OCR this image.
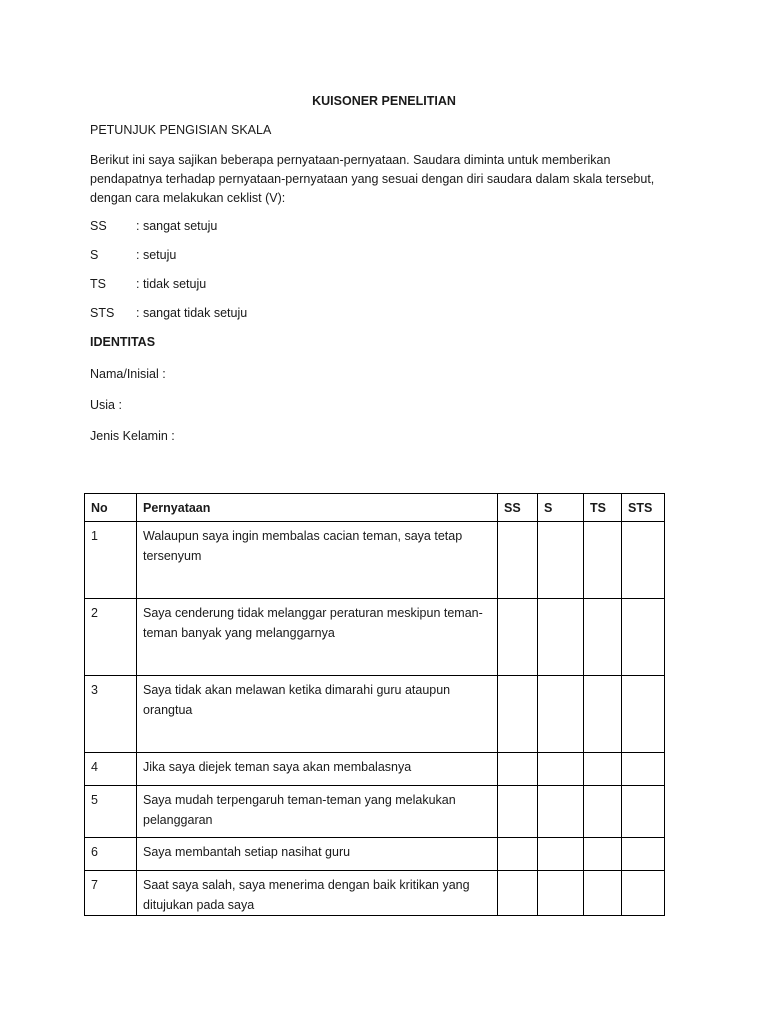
KUISONER PENELITIAN
PETUNJUK PENGISIAN SKALA
Berikut ini saya sajikan beberapa pernyataan-pernyataan. Saudara diminta untuk memberikan
pendapatnya terhadap pernyataan-pernyataan yang sesuai dengan diri saudara dalam skala tersebut,
dengan cara melakukan ceklist (V):
SS : sangat setuju
S	: setuju
TS : tidak setuju
STS : sangat tidak setuju
IDENTITAS
Nama/Inisial :
Usia :
Jenis Kelamin :
No	Pernyataan	SS	S	TS	STS
1	Walaupun saya ingin membalas cacian teman, saya tetap tersenyum				
2	Saya cenderung tidak melanggar peraturan meskipun teman-teman banyak yang melanggarnya				
3	Saya tidak akan melawan ketika dimarahi guru ataupun orangtua				
4	Jika saya diejek teman saya akan membalasnya				
5	Saya mudah terpengaruh teman-teman yang melakukan pelanggaran				
6	Saya membantah setiap nasihat guru				
7	Saat saya salah, saya menerima dengan baik kritikan yang ditujukan pada saya				
